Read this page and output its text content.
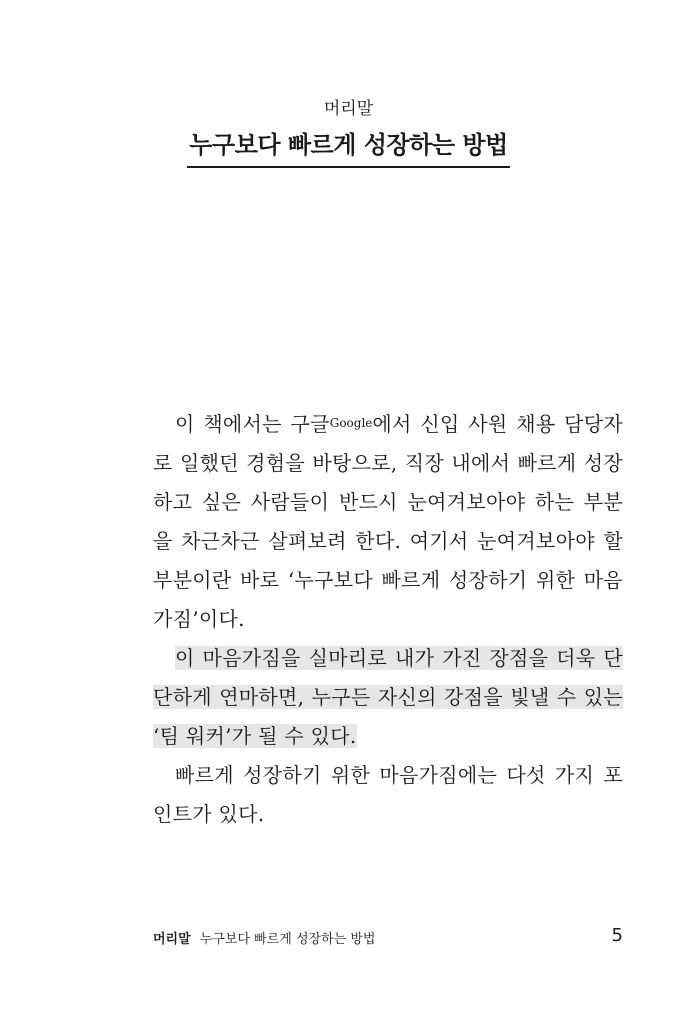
머리말
누구보다 빠르게 성장하는 방법

이 책에서는 구글$^{Google}$에서 신입 사원 채용 담당자로 일했던 경험을 바탕으로, 직장 내에서 빠르게 성장하고 싶은 사람들이 반드시 눈여겨보아야 하는 부분을 차근차근 살펴보려 한다. 여기서 눈여겨보아야 할 부분이란 바로 ‘누구보다 빠르게 성장하기 위한 마음가짐’이다.

이 마음가짐을 실마리로 내가 가진 장점을 더욱 단단하게 연마하면, 누구든 자신의 강점을 빛낼 수 있는 ‘팀 워커’가 될 수 있다.

빠르게 성장하기 위한 마음가짐에는 다섯 가지 포인트가 있다.

머리말 누구보다 빠르게 성장하는 방법	5
